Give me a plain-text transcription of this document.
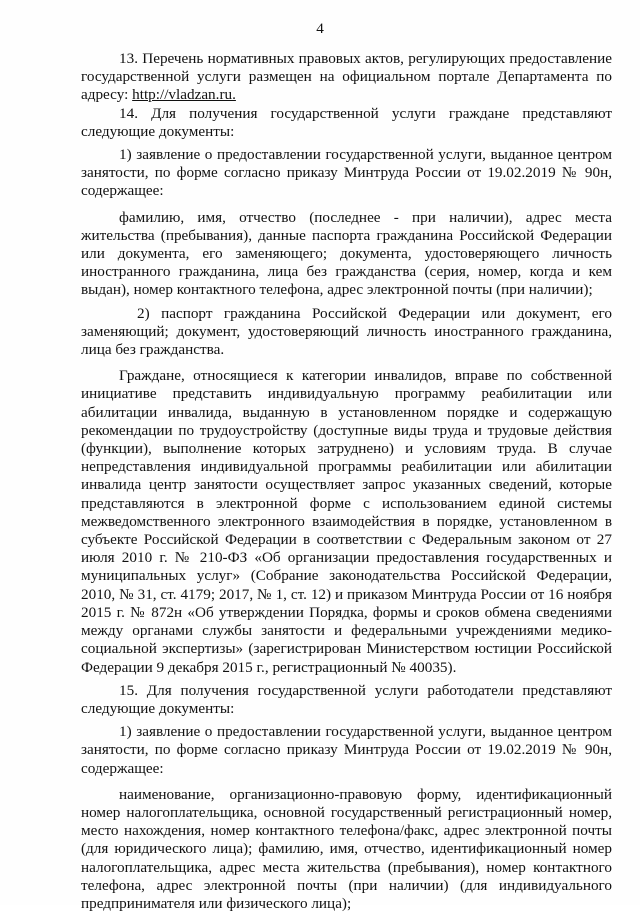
4

13. Перечень нормативных правовых актов, регулирующих предоставление государственной услуги размещен на официальном портале Департамента по адресу: http://vladzan.ru.

14. Для получения государственной услуги граждане представляют следующие документы:

1) заявление о предоставлении государственной услуги, выданное центром занятости, по форме согласно приказу Минтруда России от 19.02.2019 № 90н, содержащее:

фамилию, имя, отчество (последнее - при наличии), адрес места жительства (пребывания), данные паспорта гражданина Российской Федерации или документа, его заменяющего; документа, удостоверяющего личность иностранного гражданина, лица без гражданства (серия, номер, когда и кем выдан), номер контактного телефона, адрес электронной почты (при наличии);

2) паспорт гражданина Российской Федерации или документ, его заменяющий; документ, удостоверяющий личность иностранного гражданина, лица без гражданства.

Граждане, относящиеся к категории инвалидов, вправе по собственной инициативе представить индивидуальную программу реабилитации или абилитации инвалида, выданную в установленном порядке и содержащую рекомендации по трудоустройству (доступные виды труда и трудовые действия (функции), выполнение которых затруднено) и условиям труда. В случае непредставления индивидуальной программы реабилитации или абилитации инвалида центр занятости осуществляет запрос указанных сведений, которые представляются в электронной форме с использованием единой системы межведомственного электронного взаимодействия в порядке, установленном в субъекте Российской Федерации в соответствии с Федеральным законом от 27 июля 2010 г. № 210-ФЗ «Об организации предоставления государственных и муниципальных услуг» (Собрание законодательства Российской Федерации, 2010, № 31, ст. 4179; 2017, № 1, ст. 12) и приказом Минтруда России от 16 ноября 2015 г. № 872н «Об утверждении Порядка, формы и сроков обмена сведениями между органами службы занятости и федеральными учреждениями медико-социальной экспертизы» (зарегистрирован Министерством юстиции Российской Федерации 9 декабря 2015 г., регистрационный № 40035).

15. Для получения государственной услуги работодатели представляют следующие документы:

1) заявление о предоставлении государственной услуги, выданное центром занятости, по форме согласно приказу Минтруда России от 19.02.2019 № 90н, содержащее:

наименование, организационно-правовую форму, идентификационный номер налогоплательщика, основной государственный регистрационный номер, место нахождения, номер контактного телефона/факс, адрес электронной почты (для юридического лица); фамилию, имя, отчество, идентификационный номер налогоплательщика, адрес места жительства (пребывания), номер контактного телефона, адрес электронной почты (при наличии) (для индивидуального предпринимателя или физического лица);
